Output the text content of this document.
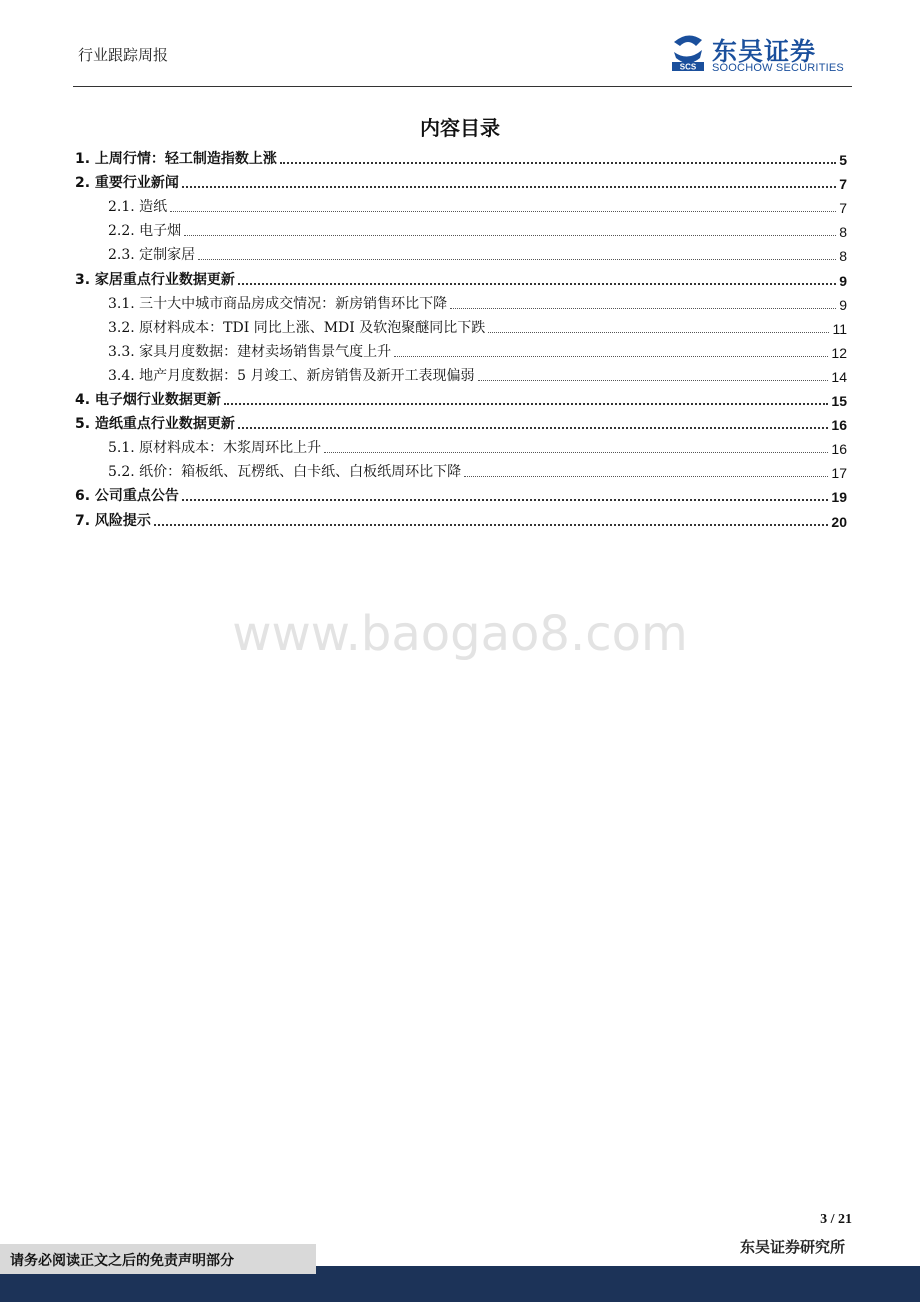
行业跟踪周报
SCS
东吴证券
SOOCHOW SECURITIES
内容目录
1. 上周行情：轻工制造指数上涨	5
2. 重要行业新闻	7
2.1. 造纸	7
2.2. 电子烟	8
2.3. 定制家居	8
3. 家居重点行业数据更新	9
3.1. 三十大中城市商品房成交情况：新房销售环比下降	9
3.2. 原材料成本：TDI 同比上涨、MDI 及软泡聚醚同比下跌	11
3.3. 家具月度数据：建材卖场销售景气度上升	12
3.4. 地产月度数据：5 月竣工、新房销售及新开工表现偏弱	14
4. 电子烟行业数据更新	15
5. 造纸重点行业数据更新	16
5.1. 原材料成本：木浆周环比上升	16
5.2. 纸价：箱板纸、瓦楞纸、白卡纸、白板纸周环比下降	17
6. 公司重点公告	19
7. 风险提示	20
www.baogao8.com
3 / 21
东吴证券研究所
请务必阅读正文之后的免责声明部分
